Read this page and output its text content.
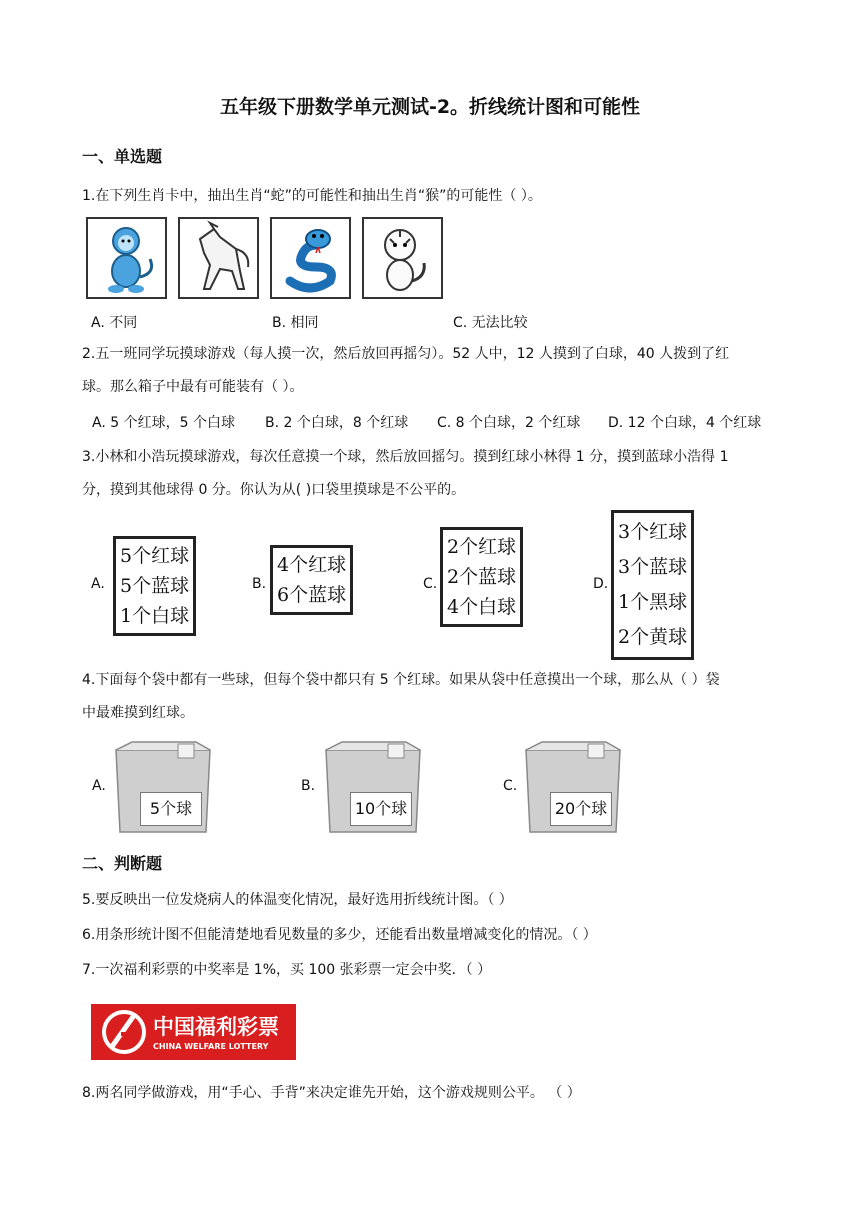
五年级下册数学单元测试-2。折线统计图和可能性
一、单选题
1.在下列生肖卡中，抽出生肖“蛇”的可能性和抽出生肖“猴”的可能性（ ）。
A. 不同	B. 相同	C. 无法比较
2.五一班同学玩摸球游戏（每人摸一次，然后放回再摇匀）。52 人中，12 人摸到了白球，40 人拨到了红
球。那么箱子中最有可能装有（ ）。
A. 5 个红球，5 个白球 B. 2 个白球，8 个红球 C. 8 个白球，2 个红球 D. 12 个白球，4 个红球
3.小林和小浩玩摸球游戏，每次任意摸一个球，然后放回摇匀。摸到红球小林得 1 分，摸到蓝球小浩得 1
分，摸到其他球得 0 分。你认为从( )口袋里摸球是不公平的。
A.
5个红球
5个蓝球
1个白球
B.
4个红球
6个蓝球	C.
2个红球
2个蓝球
4个白球
D.
3个红球
3个蓝球
1个黑球
2个黄球
4.下面每个袋中都有一些球，但每个袋中都只有 5 个红球。如果从袋中任意摸出一个球，那么从（ ）袋
中最难摸到红球。
A.
5个球
B.
10个球
C.
20个球
二、判断题
5.要反映出一位发烧病人的体温变化情况，最好选用折线统计图。（ ）
6.用条形统计图不但能清楚地看见数量的多少，还能看出数量增减变化的情况。（ ）
7.一次福利彩票的中奖率是 1%，买 100 张彩票一定会中奖．（ ）
中国福利彩票
CHINA WELFARE LOTTERY
8.两名同学做游戏，用“手心、手背”来决定谁先开始，这个游戏规则公平。 （ ）
